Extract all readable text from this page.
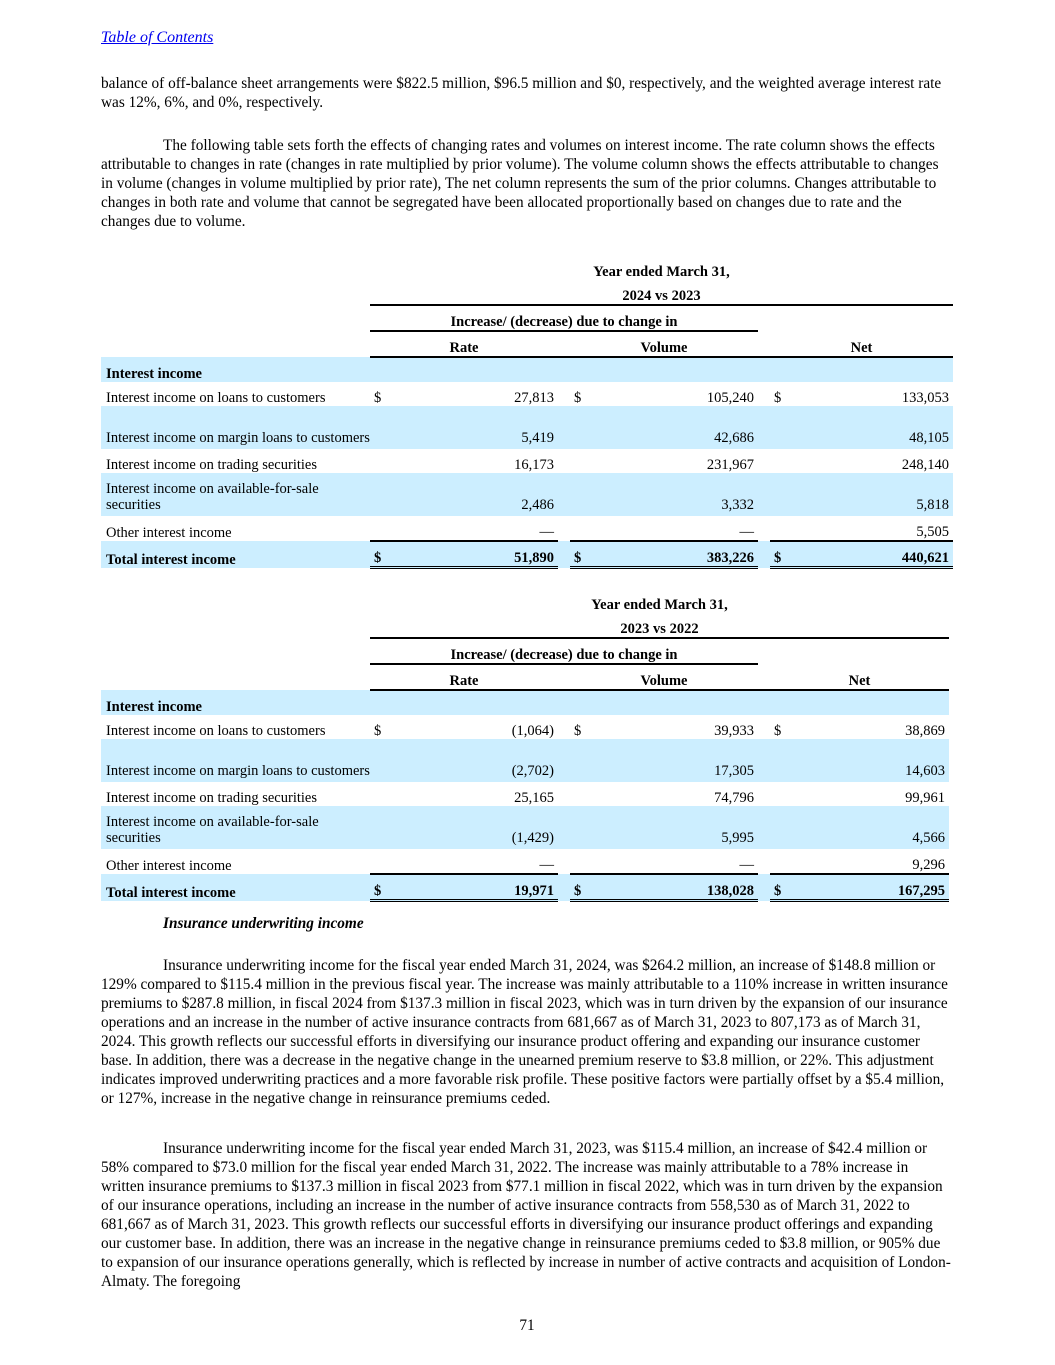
Table of Contents

balance of off-balance sheet arrangements were $822.5 million, $96.5 million and $0, respectively, and the weighted average interest rate was 12%, 6%, and 0%, respectively.

The following table sets forth the effects of changing rates and volumes on interest income. The rate column shows the effects attributable to changes in rate (changes in rate multiplied by prior volume). The volume column shows the effects attributable to changes in volume (changes in volume multiplied by prior rate), The net column represents the sum of the prior columns. Changes attributable to changes in both rate and volume that cannot be segregated have been allocated proportionally based on changes due to rate and the changes due to volume.

	Year ended March 31,							
	2024 vs 2023							
	Increase/ (decrease) due to change in							
	Rate			Volume			Net	
Interest income								
Interest income on loans to customers	$	27,813		$	105,240		$	133,053
Interest income on margin loans to customers		5,419			42,686			48,105
Interest income on trading securities		16,173			231,967			248,140
Interest income on available-for-sale securities		2,486			3,332			5,818
Other interest income		—			—			5,505
Total interest income	$	51,890		$	383,226		$	440,621
	Year ended March 31,							
	2023 vs 2022							
	Increase/ (decrease) due to change in							
	Rate			Volume			Net	
Interest income								
Interest income on loans to customers	$	(1,064)		$	39,933		$	38,869
Interest income on margin loans to customers		(2,702)			17,305			14,603
Interest income on trading securities		25,165			74,796			99,961
Interest income on available-for-sale securities		(1,429)			5,995			4,566
Other interest income		—			—			9,296
Total interest income	$	19,971		$	138,028		$	167,295
Insurance underwriting income

Insurance underwriting income for the fiscal year ended March 31, 2024, was $264.2 million, an increase of $148.8 million or 129% compared to $115.4 million in the previous fiscal year. The increase was mainly attributable to a 110% increase in written insurance premiums to $287.8 million, in fiscal 2024 from $137.3 million in fiscal 2023, which was in turn driven by the expansion of our insurance operations and an increase in the number of active insurance contracts from 681,667 as of March 31, 2023 to 807,173 as of March 31, 2024. This growth reflects our successful efforts in diversifying our insurance product offering and expanding our insurance customer base. In addition, there was a decrease in the negative change in the unearned premium reserve to $3.8 million, or 22%. This adjustment indicates improved underwriting practices and a more favorable risk profile. These positive factors were partially offset by a $5.4 million, or 127%, increase in the negative change in reinsurance premiums ceded.

Insurance underwriting income for the fiscal year ended March 31, 2023, was $115.4 million, an increase of $42.4 million or 58% compared to $73.0 million for the fiscal year ended March 31, 2022. The increase was mainly attributable to a 78% increase in written insurance premiums to $137.3 million in fiscal 2023 from $77.1 million in fiscal 2022, which was in turn driven by the expansion of our insurance operations, including an increase in the number of active insurance contracts from 558,530 as of March 31, 2022 to 681,667 as of March 31, 2023. This growth reflects our successful efforts in diversifying our insurance product offerings and expanding our customer base. In addition, there was an increase in the negative change in reinsurance premiums ceded to $3.8 million, or 905% due to expansion of our insurance operations generally, which is reflected by increase in number of active contracts and acquisition of London-Almaty. The foregoing

71
